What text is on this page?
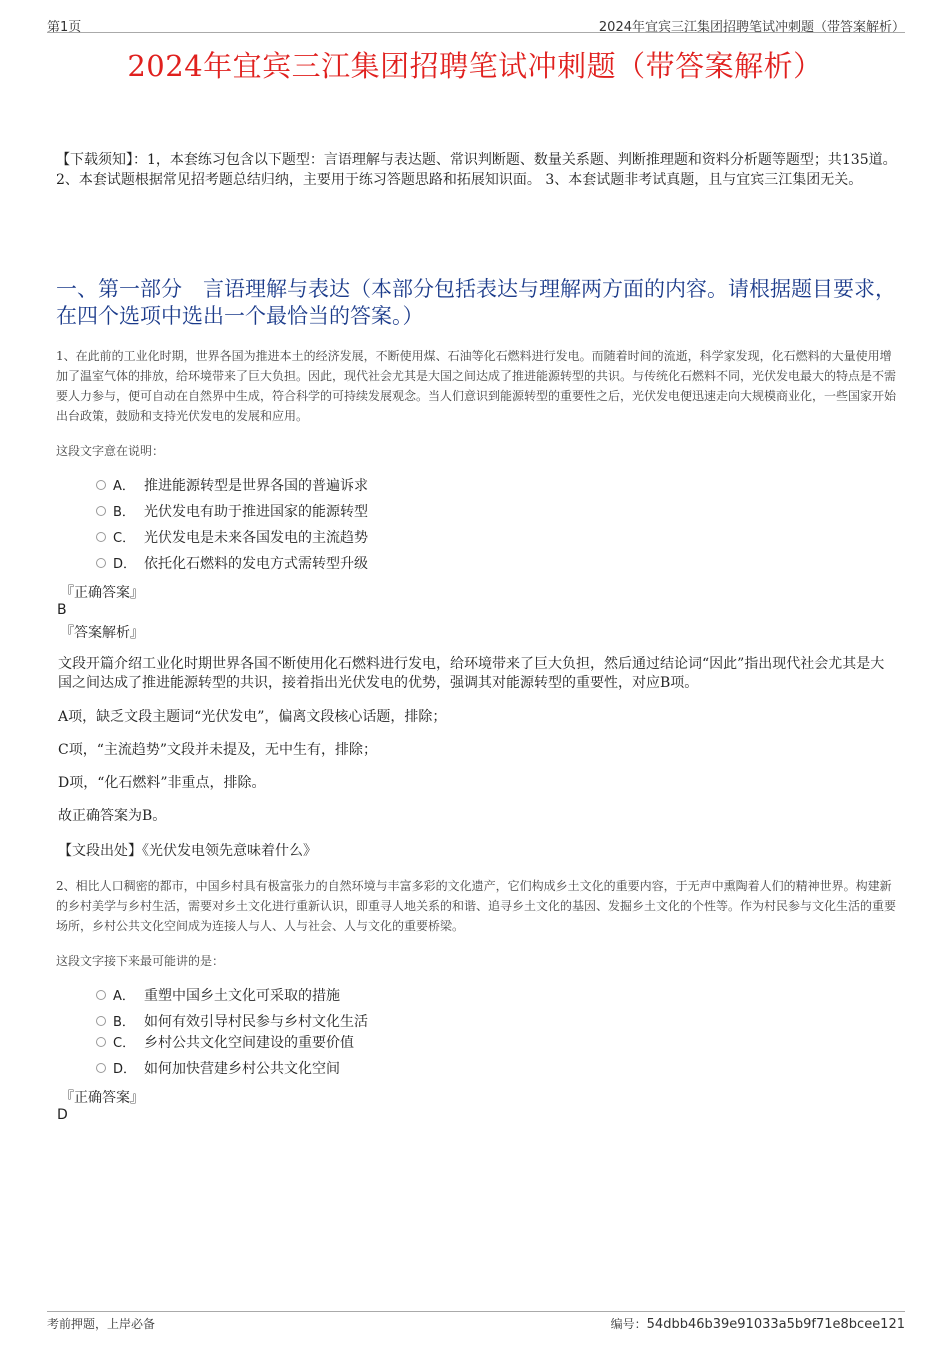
第1页	2024年宜宾三江集团招聘笔试冲刺题（带答案解析）
2024年宜宾三江集团招聘笔试冲刺题（带答案解析）
【下载须知】：1，本套练习包含以下题型：言语理解与表达题、常识判断题、数量关系题、判断推理题和资料分析题等题型；共135道。 2、本套试题根据常见招考题总结归纳，主要用于练习答题思路和拓展知识面。 3、本套试题非考试真题，且与宜宾三江集团无关。
一、第一部分　言语理解与表达（本部分包括表达与理解两方面的内容。请根据题目要求，在四个选项中选出一个最恰当的答案。）
1、在此前的工业化时期，世界各国为推进本土的经济发展，不断使用煤、石油等化石燃料进行发电。而随着时间的流逝，科学家发现，化石燃料的大量使用增加了温室气体的排放，给环境带来了巨大负担。因此，现代社会尤其是大国之间达成了推进能源转型的共识。与传统化石燃料不同，光伏发电最大的特点是不需要人力参与，便可自动在自然界中生成，符合科学的可持续发展观念。当人们意识到能源转型的重要性之后，光伏发电便迅速走向大规模商业化，一些国家开始出台政策，鼓励和支持光伏发电的发展和应用。
这段文字意在说明：
A． 推进能源转型是世界各国的普遍诉求
B． 光伏发电有助于推进国家的能源转型
C． 光伏发电是未来各国发电的主流趋势
D． 依托化石燃料的发电方式需转型升级
『正确答案』
B
『答案解析』
文段开篇介绍工业化时期世界各国不断使用化石燃料进行发电，给环境带来了巨大负担，然后通过结论词“因此”指出现代社会尤其是大国之间达成了推进能源转型的共识，接着指出光伏发电的优势，强调其对能源转型的重要性，对应B项。
A项，缺乏文段主题词“光伏发电”，偏离文段核心话题，排除；
C项，“主流趋势”文段并未提及，无中生有，排除；
D项，“化石燃料”非重点，排除。
故正确答案为B。
【文段出处】《光伏发电领先意味着什么》
2、相比人口稠密的都市，中国乡村具有极富张力的自然环境与丰富多彩的文化遗产，它们构成乡土文化的重要内容，于无声中熏陶着人们的精神世界。构建新的乡村美学与乡村生活，需要对乡土文化进行重新认识，即重寻人地关系的和谐、追寻乡土文化的基因、发掘乡土文化的个性等。作为村民参与文化生活的重要场所，乡村公共文化空间成为连接人与人、人与社会、人与文化的重要桥梁。
这段文字接下来最可能讲的是：
A． 重塑中国乡土文化可采取的措施
B． 如何有效引导村民参与乡村文化生活
C． 乡村公共文化空间建设的重要价值
D． 如何加快营建乡村公共文化空间
『正确答案』
D
考前押题，上岸必备	编号：54dbb46b39e91033a5b9f71e8bcee121
